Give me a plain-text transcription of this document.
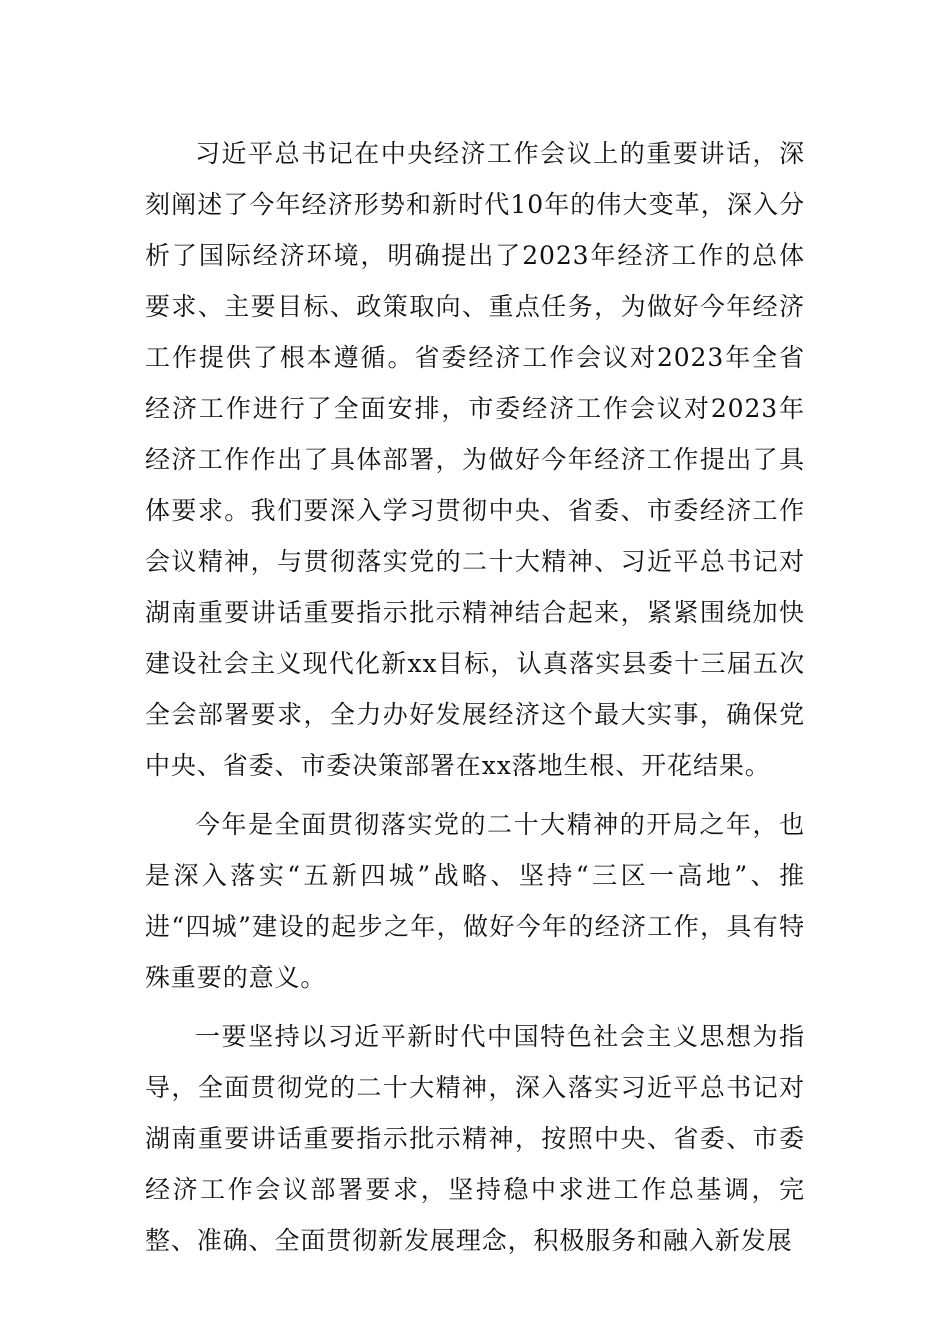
习近平总书记在中央经济工作会议上的重要讲话，深刻阐述了今年经济形势和新时代10年的伟大变革，深入分析了国际经济环境，明确提出了2023年经济工作的总体要求、主要目标、政策取向、重点任务，为做好今年经济工作提供了根本遵循。省委经济工作会议对2023年全省经济工作进行了全面安排，市委经济工作会议对2023年经济工作作出了具体部署，为做好今年经济工作提出了具体要求。我们要深入学习贯彻中央、省委、市委经济工作会议精神，与贯彻落实党的二十大精神、习近平总书记对湖南重要讲话重要指示批示精神结合起来，紧紧围绕加快建设社会主义现代化新xx目标，认真落实县委十三届五次全会部署要求，全力办好发展经济这个最大实事，确保党中央、省委、市委决策部署在xx落地生根、开花结果。

今年是全面贯彻落实党的二十大精神的开局之年，也是深入落实“五新四城”战略、坚持“三区一高地”、推进“四城”建设的起步之年，做好今年的经济工作，具有特殊重要的意义。

一要坚持以习近平新时代中国特色社会主义思想为指导，全面贯彻党的二十大精神，深入落实习近平总书记对湖南重要讲话重要指示批示精神，按照中央、省委、市委经济工作会议部署要求，坚持稳中求进工作总基调，完整、准确、全面贯彻新发展理念，积极服务和融入新发展
